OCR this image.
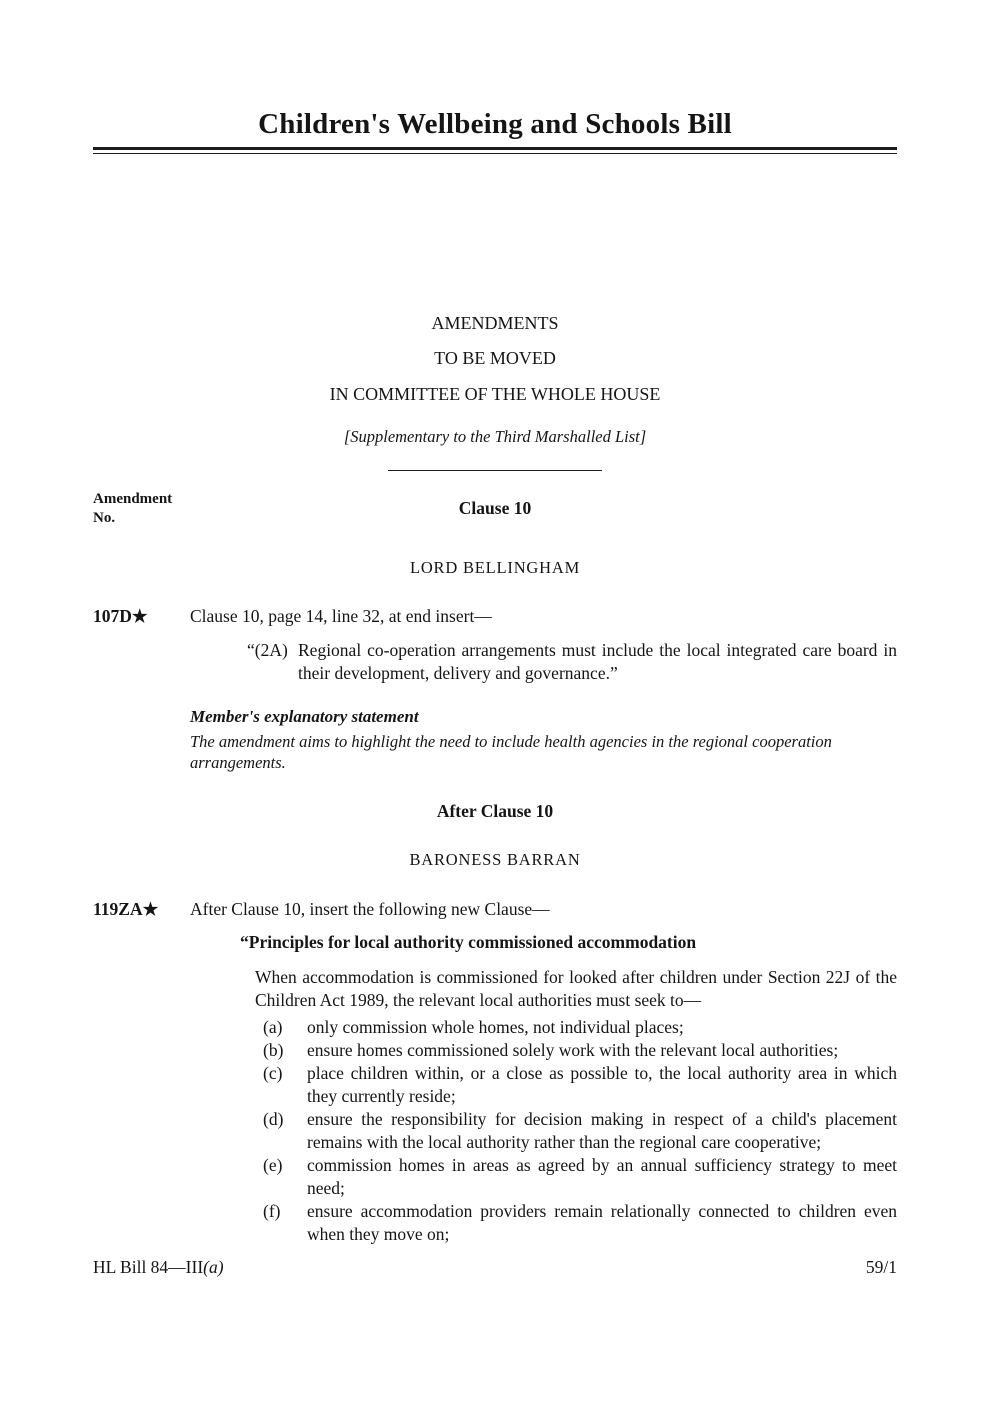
Children's Wellbeing and Schools Bill
AMENDMENTS
TO BE MOVED
IN COMMITTEE OF THE WHOLE HOUSE
[Supplementary to the Third Marshalled List]
Amendment
No.	Clause 10
LORD BELLINGHAM
107D★ Clause 10, page 14, line 32, at end insert—

“(2A) Regional co-operation arrangements must include the local integrated care board in their development, delivery and governance.”

Member's explanatory statement

The amendment aims to highlight the need to include health agencies in the regional cooperation arrangements.

After Clause 10
BARONESS BARRAN
119ZA★ After Clause 10, insert the following new Clause—

“Principles for local authority commissioned accommodation

When accommodation is commissioned for looked after children under Section 22J of the Children Act 1989, the relevant local authorities must seek to—

(a)	only commission whole homes, not individual places;

(b)	ensure homes commissioned solely work with the relevant local authorities;

(c)	place children within, or a close as possible to, the local authority area in which they currently reside;

(d)	ensure the responsibility for decision making in respect of a child's placement remains with the local authority rather than the regional care cooperative;

(e)	commission homes in areas as agreed by an annual sufficiency strategy to meet need;

(f)	ensure accommodation providers remain relationally connected to children even when they move on;

HL Bill 84—III(a)	59/1
